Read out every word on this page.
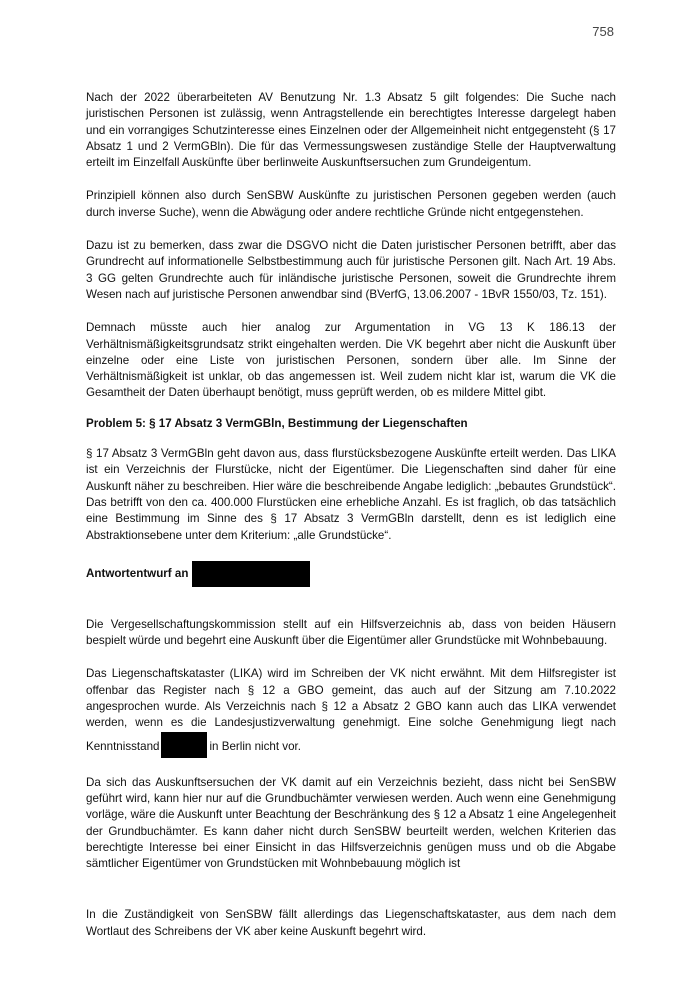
758

Nach der 2022 überarbeiteten AV Benutzung Nr. 1.3 Absatz 5 gilt folgendes: Die Suche nach juristischen Personen ist zulässig, wenn Antragstellende ein berechtigtes Interesse dargelegt haben und ein vorrangiges Schutzinteresse eines Einzelnen oder der Allgemeinheit nicht entgegensteht (§ 17 Absatz 1 und 2 VermGBln). Die für das Vermessungswesen zuständige Stelle der Hauptverwaltung erteilt im Einzelfall Auskünfte über berlinweite Auskunftsersuchen zum Grundeigentum.

Prinzipiell können also durch SenSBW Auskünfte zu juristischen Personen gegeben werden (auch durch inverse Suche), wenn die Abwägung oder andere rechtliche Gründe nicht entgegenstehen.

Dazu ist zu bemerken, dass zwar die DSGVO nicht die Daten juristischer Personen betrifft, aber das Grundrecht auf informationelle Selbstbestimmung auch für juristische Personen gilt. Nach Art. 19 Abs. 3 GG gelten Grundrechte auch für inländische juristische Personen, soweit die Grundrechte ihrem Wesen nach auf juristische Personen anwendbar sind (BVerfG, 13.06.2007 - 1BvR 1550/03, Tz. 151).

Demnach müsste auch hier analog zur Argumentation in VG 13 K 186.13 der Verhältnismäßigkeitsgrundsatz strikt eingehalten werden. Die VK begehrt aber nicht die Auskunft über einzelne oder eine Liste von juristischen Personen, sondern über alle. Im Sinne der Verhältnismäßigkeit ist unklar, ob das angemessen ist. Weil zudem nicht klar ist, warum die VK die Gesamtheit der Daten überhaupt benötigt, muss geprüft werden, ob es mildere Mittel gibt.

Problem 5: § 17 Absatz 3 VermGBln, Bestimmung der Liegenschaften

§ 17 Absatz 3 VermGBln geht davon aus, dass flurstücksbezogene Auskünfte erteilt werden. Das LIKA ist ein Verzeichnis der Flurstücke, nicht der Eigentümer. Die Liegenschaften sind daher für eine Auskunft näher zu beschreiben. Hier wäre die beschreibende Angabe lediglich: „bebautes Grundstück“. Das betrifft von den ca. 400.000 Flurstücken eine erhebliche Anzahl. Es ist fraglich, ob das tatsächlich eine Bestimmung im Sinne des § 17 Absatz 3 VermGBln darstellt, denn es ist lediglich eine Abstraktionsebene unter dem Kriterium: „alle Grundstücke“.

Antwortentwurf an

Die Vergesellschaftungskommission stellt auf ein Hilfsverzeichnis ab, dass von beiden Häusern bespielt würde und begehrt eine Auskunft über die Eigentümer aller Grundstücke mit Wohnbebauung.

Das Liegenschaftskataster (LIKA) wird im Schreiben der VK nicht erwähnt. Mit dem Hilfsregister ist offenbar das Register nach § 12 a GBO gemeint, das auch auf der Sitzung am 7.10.2022 angesprochen wurde. Als Verzeichnis nach § 12 a Absatz 2 GBO kann auch das LIKA verwendet werden, wenn es die Landesjustizverwaltung genehmigt. Eine solche Genehmigung liegt nach Kenntnisstand	in Berlin nicht vor.

Da sich das Auskunftsersuchen der VK damit auf ein Verzeichnis bezieht, dass nicht bei SenSBW geführt wird, kann hier nur auf die Grundbuchämter verwiesen werden. Auch wenn eine Genehmigung vorläge, wäre die Auskunft unter Beachtung der Beschränkung des § 12 a Absatz 1 eine Angelegenheit der Grundbuchämter. Es kann daher nicht durch SenSBW beurteilt werden, welchen Kriterien das berechtigte Interesse bei einer Einsicht in das Hilfsverzeichnis genügen muss und ob die Abgabe sämtlicher Eigentümer von Grundstücken mit Wohnbebauung möglich ist

In die Zuständigkeit von SenSBW fällt allerdings das Liegenschaftskataster, aus dem nach dem Wortlaut des Schreibens der VK aber keine Auskunft begehrt wird.
